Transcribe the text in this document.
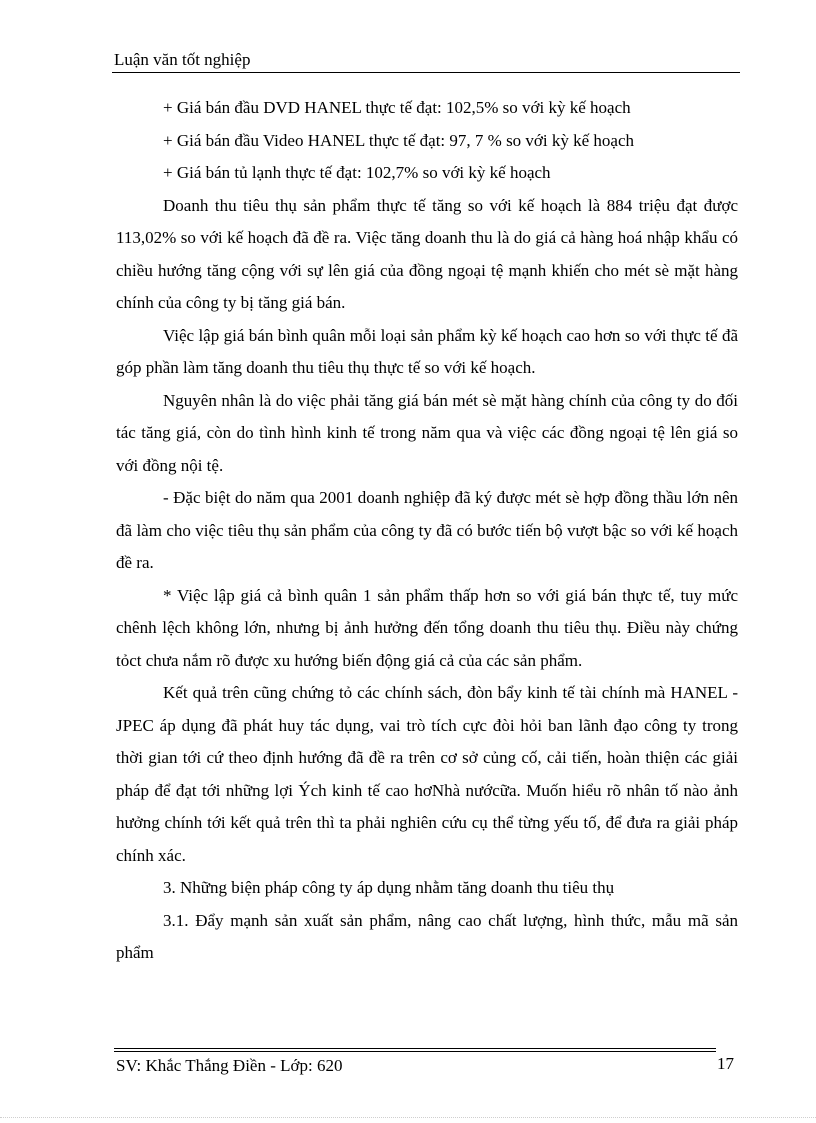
Luận văn tốt nghiệp

+ Giá bán đầu DVD HANEL thực tế đạt: 102,5% so với kỳ kế hoạch

+ Giá bán đầu Video HANEL thực tế đạt: 97, 7 % so với kỳ kế hoạch

+ Giá bán tủ lạnh thực tế đạt: 102,7% so với kỳ kế hoạch

Doanh thu tiêu thụ sản phẩm thực tế tăng so với kế hoạch là 884 triệu đạt được 113,02% so với kế hoạch đã đề ra. Việc tăng doanh thu là do giá cả hàng hoá nhập khẩu có chiều hướng tăng cộng với sự lên giá của đồng ngoại tệ mạnh khiến cho mét sè mặt hàng chính của công ty bị tăng giá bán.

Việc lập giá bán bình quân mỗi loại sản phẩm kỳ kế hoạch cao hơn so với thực tế đã góp phần làm tăng doanh thu tiêu thụ thực tế so với kế hoạch.

Nguyên nhân là do việc phải tăng giá bán mét sè mặt hàng chính của công ty do đối tác tăng giá, còn do tình hình kinh tế trong năm qua và việc các đồng ngoại tệ lên giá so với đồng nội tệ.

- Đặc biệt do năm qua 2001 doanh nghiệp đã ký được mét sè hợp đồng thầu lớn nên đã làm cho việc tiêu thụ sản phẩm của công ty đã có bước tiến bộ vượt bậc so với kế hoạch đề ra.

* Việc lập giá cả bình quân 1 sản phẩm thấp hơn so với giá bán thực tế, tuy mức chênh lệch không lớn, nhưng bị ảnh hưởng đến tổng doanh thu tiêu thụ. Điều này chứng tỏct chưa nắm rõ được xu hướng biến động giá cả của các sản phẩm.

Kết quả trên cũng chứng tỏ các chính sách, đòn bẩy kinh tế tài chính mà HANEL - JPEC áp dụng đã phát huy tác dụng, vai trò tích cực đòi hỏi ban lãnh đạo công ty trong thời gian tới cứ theo định hướng đã đề ra trên cơ sở củng cố, cải tiến, hoàn thiện các giải pháp để đạt tới những lợi Ých kinh tế cao hơNhà nướcữa. Muốn hiểu rõ nhân tố nào ảnh hưởng chính tới kết quả trên thì ta phải nghiên cứu cụ thể từng yếu tố, để đưa ra giải pháp chính xác.

3. Những biện pháp công ty áp dụng nhằm tăng doanh thu tiêu thụ

3.1. Đẩy mạnh sản xuất sản phẩm, nâng cao chất lượng, hình thức, mẫu mã sản phẩm

SV: Khắc Thắng Điền - Lớp: 620	17
